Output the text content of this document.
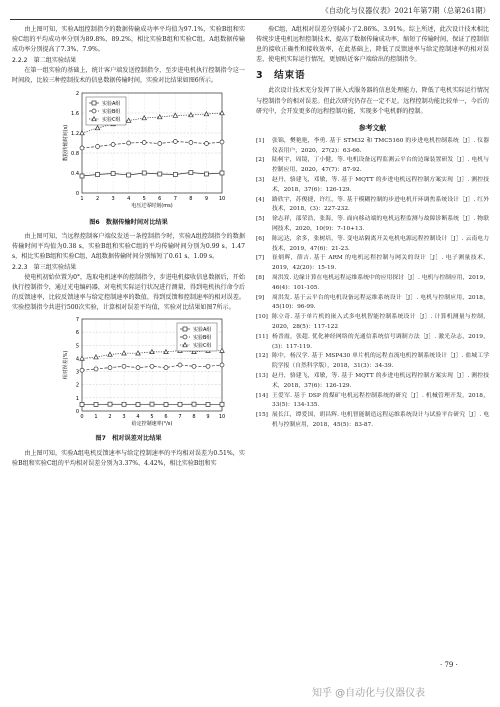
《自动化与仪器仪表》2021年第7期（总第261期）

由上图可知，实验A组控制指令的数据传输成功率平均值为97.1%，实验B组和实验C组的平均成功率分别为89.8%、89.2%，相比实验B组和实验C组，A组数据传输成功率分别提高了7.3%、7.9%。

2.2.2　第二组实验结果

在第一组实验的基础上，统计客户端发送控制指令，至步进电机执行控制指令这一时间段，比较三种控制技术的信息数据传输时间，实验对比结果如图6所示。

0
0.4
0.8
1.2
1.6
2
1 2 3 4 5 6 7 8 9 10
电压过零时刻(ms)
数据传输时间(s)
实验A组
实验B组
实验C组
图6　数据传输时间对比结果

由上图可知，当远程控制客户端仪发送一条控制指令时，实验A组控制指令的数据传输时间平均值为0.38 s，实验B组和实验C组的平均传输时间分别为0.99 s、1.47 s，相比实验B组和实验C组，A组数据传输时间分别缩短了0.61 s、1.09 s。

2.2.3　第三组实验结果

使电机初始位置为0°，选取电机速率的控制指令，步进电机接收信息数据后，开始执行控制指令，通过光电编码器，对电机实际运行状况进行测量，得到电机执行命令后的反馈速率，比较反馈速率与给定控制速率的数值，得到反馈和控制速率的相对误差。实验控制指令共进行500次实验，计算相对误差平均值，实验对比结果如图7所示。

0
1
2
3
4
5
6
7
0 1 2 3 4 5 6 7 8 9 10
给定控制速率(°/s)
相对误差(%)
实验A组
实验B组
实验C组
图7　相对误差对比结果

由上图可知，实验A组电机反馈速率与给定控制速率的平均相对误差为0.51%，实验B组和实验C组的平均相对误差分别为3.37%、4.42%，相比实验B组和实

验C组，A组相对误差分别减小了2.86%、3.91%。综上所述，此次设计技术相比传统步进电机远程控制技术，提高了数据传输成功率，缩短了传输时间，保证了控制信息的接收正确性和接收效率，在此基础上，降低了反馈速率与给定控制速率的相对误差，使电机实际运行情况，更加贴近客户端给出的控制指令。

3　结束语

此次设计技术充分发挥了嵌入式服务器的信息处理能力，降低了电机实际运行情况与控制指令的相对误差。但此次研究仍存在一定不足，远程控制功能比较单一，今后的研究中，会开发更多的远程控制功能，实现多个电机群的控制。

参考文献
[1]	张锦，樊艳艳，李勇. 基于 STM32 和 TMC5160 的步进电机控制系统［J］. 仪器仪表用户，2020，27(2)：63-66.
[2]	陆柯宇，周镜，丁小健，等. 电机设备远程监测云平台的边缘装置研发［J］. 电机与控制应用，2020，47(7)：87-92.
[3]	赵丹，骆建飞，邓敏，等. 基于 MQTT 的步进电机远程控制方案实现［J］. 测控技术，2018，37(6)：126-129.
[4]	路欣宇，苏俊捷，许红，等. 基于模糊控制的步进电机开环调焦系统设计［J］. 红外技术，2018，(3)：227-232.
[5]	徐志祥，邵荣浩，张海，等. 面向移动端的电机远程监测与故障诊断系统［J］. 物联网技术，2020，10(9)：7-10+13.
[6]	陈远达，余多，张树培，等. 变电站隔离开关电机电源远程控制设计［J］. 云南电力技术，2019，47(6)：21-23.
[7]	崔炳晖，薛吉. 基于 ARM 的电机远程控制与网关的设计［J］. 电子测量技术，2019，42(20)：15-19.
[8]	周洪发. 边缘计算在电机远程运维系统中的应用探讨［J］. 电机与控制应用，2019，46(4)：101-105.
[9]	周洪发. 基于云平台的电机设备远程运维系统设计［J］. 电机与控制应用，2018，45(10)：96-99.
[10] 陈立奇. 基于单片机的嵌入式多电机智能控制系统设计［J］. 计算机测量与控制，2020，28(5)：117-122
[11] 杨晋霞，张超. 优化神经网络的光通信系统信号调制方法［J］. 激光杂志，2019，(3)：117-119.
[12] 陈中，杨汉学. 基于 MSP430 单片机的远程直流电机控制系统设计［J］. 盐城工学院学报（自然科学版），2018，31(3)：34-39.
[13] 赵丹，骆建飞，邓敏，等. 基于 MQTT 的步进电机远程控制方案实现［J］. 测控技术，2018，37(6)：126-129.
[14] 王爱军. 基于 DSP 的煤矿电机远程控制系统的研究［J］. 机械管理开发，2018，33(5)：134-135.
[15] 展长江，谭爱国，胡昌辉. 电机智能制造远程运维系统设计与试验平台研究［J］. 电机与控制应用，2018，45(5)：83-87.
· 79 ·
知乎 @自动化与仪器仪表
